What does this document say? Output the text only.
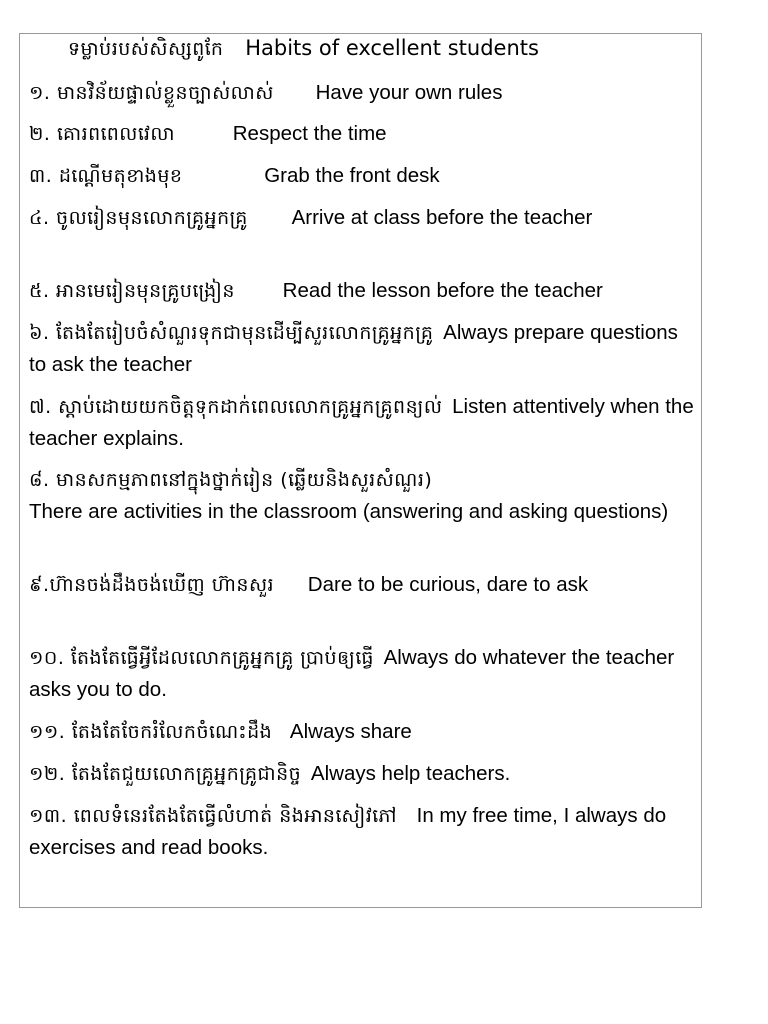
ទម្លាប់របស់សិស្សពូកែ Habits of excellent students
១. មានវិន័យផ្ទាល់ខ្លួនច្បាស់លាស់ Have your own rules
២. គោរពពេលវេលា	Respect the time
៣. ដណ្តើមតុខាងមុខ	Grab the front desk
៤. ចូលរៀនមុនលោកគ្រូអ្នកគ្រូ Arrive at class before the teacher
៥. អានមេរៀនមុនគ្រូបង្រៀន Read the lesson before the teacher
៦. តែងតែរៀបចំសំណួរទុកជាមុនដើម្បីសួរលោកគ្រូអ្នកគ្រូ Always prepare questions to ask the teacher
៧. ស្តាប់ដោយយកចិត្តទុកដាក់ពេលលោកគ្រូអ្នកគ្រូពន្យល់ Listen attentively when the teacher explains.
៨. មានសកម្មភាពនៅក្នុងថ្នាក់រៀន (ឆ្លើយនិងសួរសំណួរ)
There are activities in the classroom (answering and asking questions)
៩.ហ៊ានចង់ដឹងចង់ឃើញ ហ៊ានសួរ Dare to be curious, dare to ask
១០. តែងតែធ្វើអ្វីដែលលោកគ្រូអ្នកគ្រូ ប្រាប់ឲ្យធ្វើ Always do whatever the teacher asks you to do.
១១. តែងតែចែករំលែកចំណេះដឹង Always share
១២. តែងតែជួយលោកគ្រូអ្នកគ្រូជានិច្ច Always help teachers.
១៣. ពេលទំនេរតែងតែធ្វើលំហាត់ និងអានសៀវភៅ In my free time, I always do exercises and read books.
